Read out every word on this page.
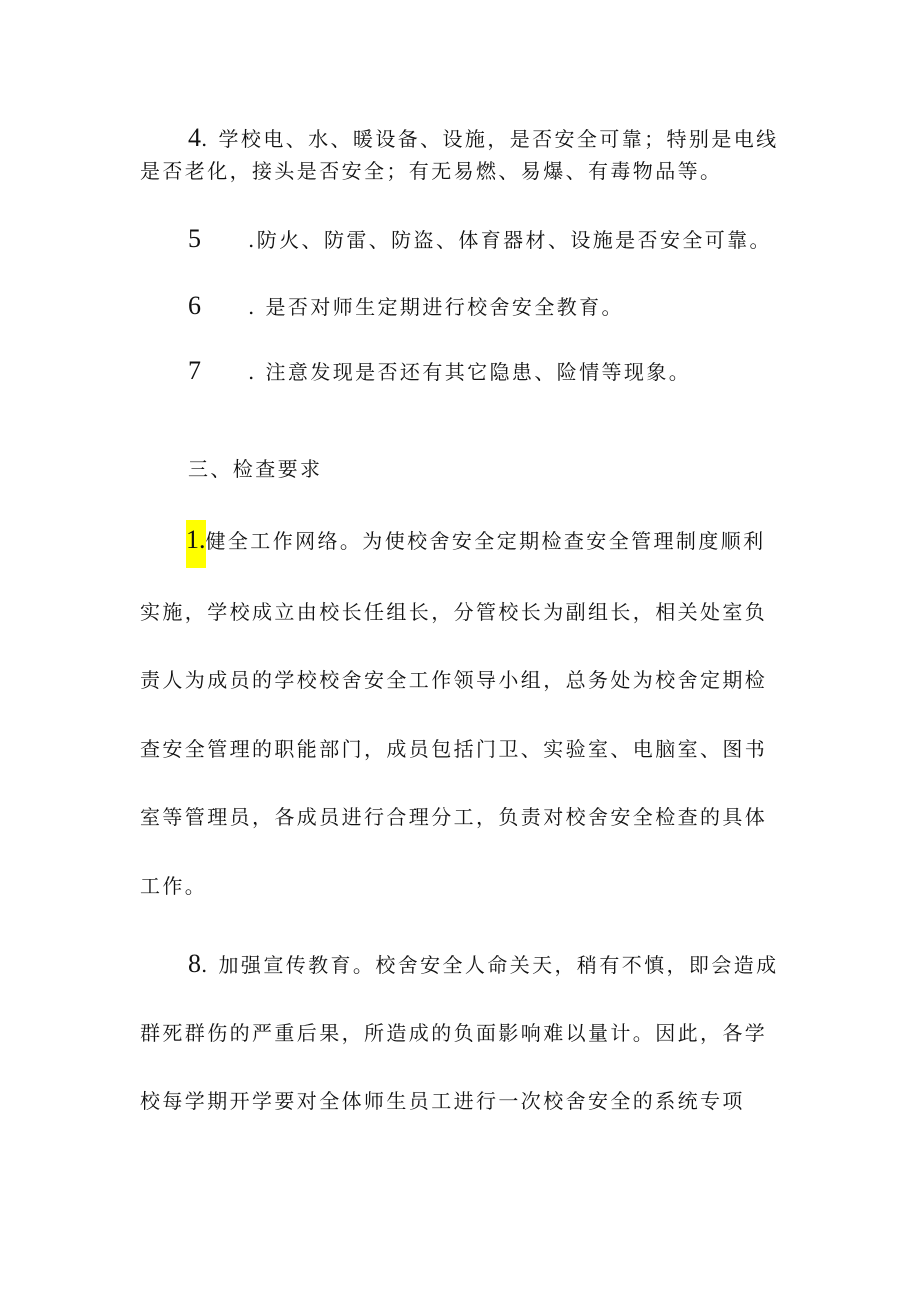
4. 学校电、水、暖设备、设施，是否安全可靠；特别是电线
是否老化，接头是否安全；有无易燃、易爆、有毒物品等。
5 .防火、防雷、防盗、体育器材、设施是否安全可靠。
6 . 是否对师生定期进行校舍安全教育。
7 . 注意发现是否还有其它隐患、险情等现象。
三、检查要求
1.健全工作网络。为使校舍安全定期检查安全管理制度顺利
实施，学校成立由校长任组长，分管校长为副组长，相关处室负
责人为成员的学校校舍安全工作领导小组，总务处为校舍定期检
查安全管理的职能部门，成员包括门卫、实验室、电脑室、图书
室等管理员，各成员进行合理分工，负责对校舍安全检查的具体
工作。
8. 加强宣传教育。校舍安全人命关天，稍有不慎，即会造成
群死群伤的严重后果，所造成的负面影响难以量计。因此，各学
校每学期开学要对全体师生员工进行一次校舍安全的系统专项
